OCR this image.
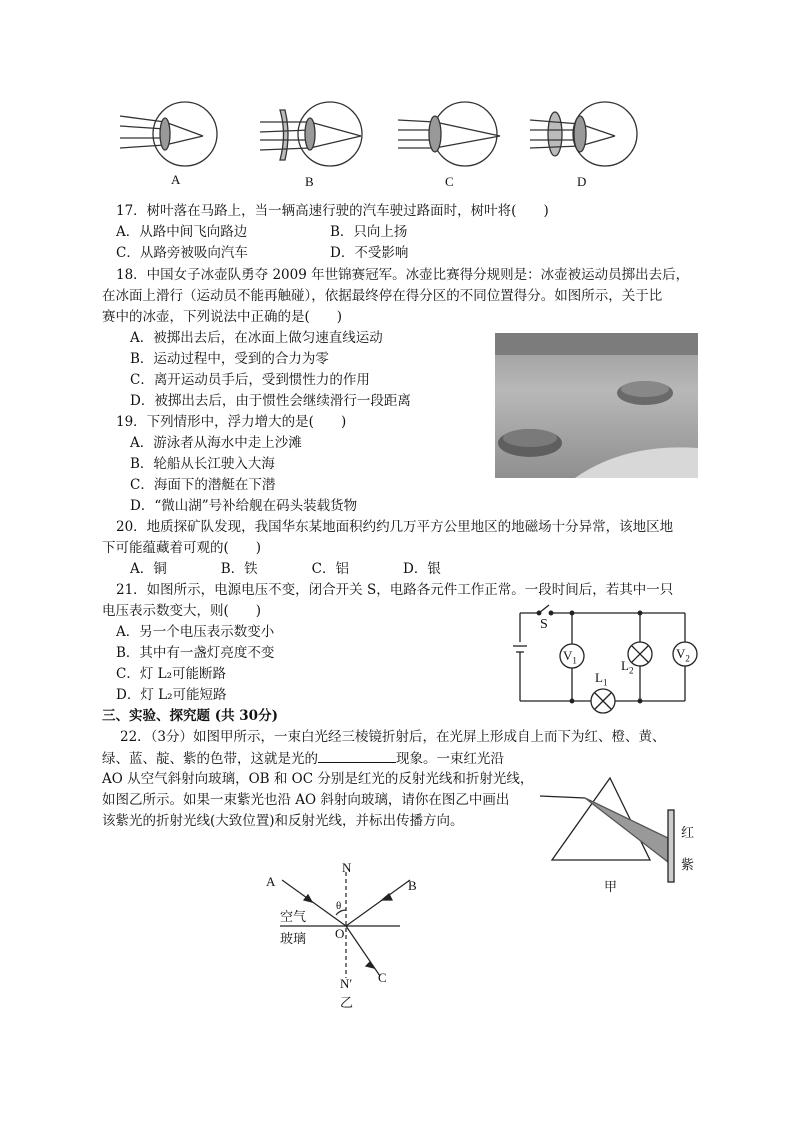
A	B	C	D
17．树叶落在马路上，当一辆高速行驶的汽车驶过路面时，树叶将(　　)
A．从路中间飞向路边	B．只向上扬
C．从路旁被吸向汽车	D．不受影响
18．中国女子冰壶队勇夺 2009 年世锦赛冠军。冰壶比赛得分规则是：冰壶被运动员掷出去后，
在冰面上滑行（运动员不能再触碰），依据最终停在得分区的不同位置得分。如图所示，关于比
赛中的冰壶，下列说法中正确的是(　　)
A．被掷出去后，在冰面上做匀速直线运动
B．运动过程中，受到的合力为零
C．离开运动员手后，受到惯性力的作用
D．被掷出去后，由于惯性会继续滑行一段距离
19．下列情形中，浮力增大的是(　　)
A．游泳者从海水中走上沙滩
B．轮船从长江驶入大海
C．海面下的潜艇在下潜
D．“微山湖”号补给舰在码头装载货物
20．地质探矿队发现，我国华东某地面积约约几万平方公里地区的地磁场十分异常，该地区地
下可能蕴藏着可观的(　　)
A．铜　　　　B．铁　　　　C．铝　　　　D．银
21．如图所示，电源电压不变，闭合开关 S，电路各元件工作正常。一段时间后，若其中一只
电压表示数变大，则(　　)
A．另一个电压表示数变小
B．其中有一盏灯亮度不变
C．灯 L₂可能断路
D．灯 L₂可能短路
S
$V_1$	$V_2$
$L_1$
$L_2$
三、实验、探究题 (共 30分)
22．（3分）如图甲所示，一束白光经三棱镜折射后，在光屏上形成自上而下为红、橙、黄、
绿、蓝、靛、紫的色带，这就是光的	现象。一束红光沿
AO 从空气斜射向玻璃，OB 和 OC 分别是红光的反射光线和折射光线，
如图乙所示。如果一束紫光也沿 AO 斜射向玻璃，请你在图乙中画出
该紫光的折射光线(大致位置)和反射光线，并标出传播方向。
红
紫
甲
A
N
B
θ
空气
玻璃 O
N′ C
乙
